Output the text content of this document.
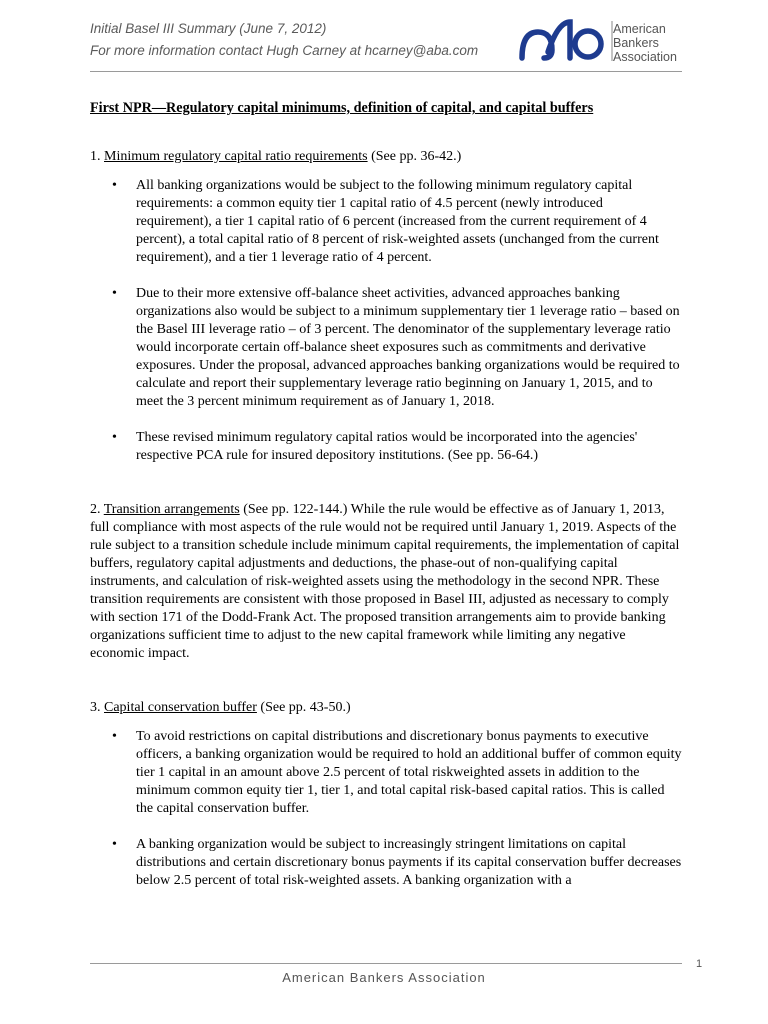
Initial Basel III Summary (June 7, 2012)
For more information contact Hugh Carney at hcarney@aba.com
American
Bankers
Association
First NPR—Regulatory capital minimums, definition of capital, and capital buffers

1. Minimum regulatory capital ratio requirements (See pp. 36-42.)

• All banking organizations would be subject to the following minimum regulatory capital requirements: a common equity tier 1 capital ratio of 4.5 percent (newly introduced requirement), a tier 1 capital ratio of 6 percent (increased from the current requirement of 4 percent), a total capital ratio of 8 percent of risk-weighted assets (unchanged from the current requirement), and a tier 1 leverage ratio of 4 percent.
• Due to their more extensive off-balance sheet activities, advanced approaches banking organizations also would be subject to a minimum supplementary tier 1 leverage ratio – based on the Basel III leverage ratio – of 3 percent. The denominator of the supplementary leverage ratio would incorporate certain off-balance sheet exposures such as commitments and derivative exposures. Under the proposal, advanced approaches banking organizations would be required to calculate and report their supplementary leverage ratio beginning on January 1, 2015, and to meet the 3 percent minimum requirement as of January 1, 2018.
• These revised minimum regulatory capital ratios would be incorporated into the agencies' respective PCA rule for insured depository institutions. (See pp. 56-64.)

2. Transition arrangements (See pp. 122-144.) While the rule would be effective as of January 1, 2013, full compliance with most aspects of the rule would not be required until January 1, 2019. Aspects of the rule subject to a transition schedule include minimum capital requirements, the implementation of capital buffers, regulatory capital adjustments and deductions, the phase-out of non-qualifying capital instruments, and calculation of risk-weighted assets using the methodology in the second NPR. These transition requirements are consistent with those proposed in Basel III, adjusted as necessary to comply with section 171 of the Dodd-Frank Act. The proposed transition arrangements aim to provide banking organizations sufficient time to adjust to the new capital framework while limiting any negative economic impact.

3. Capital conservation buffer (See pp. 43-50.)

• To avoid restrictions on capital distributions and discretionary bonus payments to executive officers, a banking organization would be required to hold an additional buffer of common equity tier 1 capital in an amount above 2.5 percent of total riskweighted assets in addition to the minimum common equity tier 1, tier 1, and total capital risk-based capital ratios. This is called the capital conservation buffer.
• A banking organization would be subject to increasingly stringent limitations on capital distributions and certain discretionary bonus payments if its capital conservation buffer decreases below 2.5 percent of total risk-weighted assets. A banking organization with a
1
American Bankers Association
